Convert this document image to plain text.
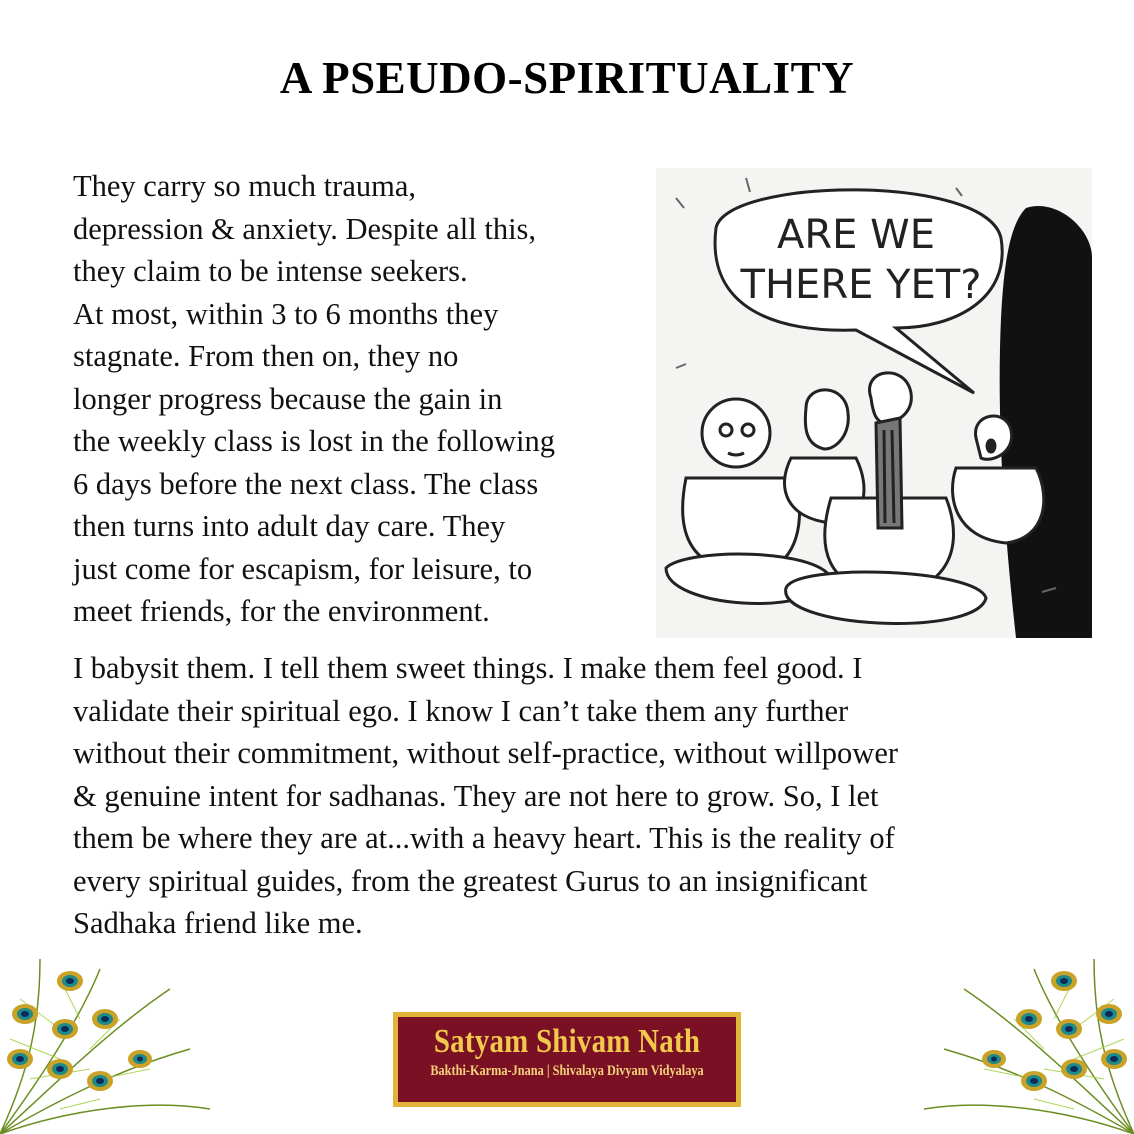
A PSEUDO-SPIRITUALITY
They carry so much trauma,
depression & anxiety. Despite all this,
they claim to be intense seekers.
At most, within 3 to 6 months they
stagnate. From then on, they no
longer progress because the gain in
the weekly class is lost in the following
6 days before the next class. The class
then turns into adult day care. They
just come for escapism, for leisure, to
meet friends, for the environment.
ARE WE
THERE YET?
I babysit them. I tell them sweet things. I make them feel good. I
validate their spiritual ego. I know I can’t take them any further
without their commitment, without self-practice, without willpower
& genuine intent for sadhanas. They are not here to grow. So, I let
them be where they are at...with a heavy heart. This is the reality of
every spiritual guides, from the greatest Gurus to an insignificant
Sadhaka friend like me.
Satyam Shivam Nath
Bakthi-Karma-Jnana | Shivalaya Divyam Vidyalaya
